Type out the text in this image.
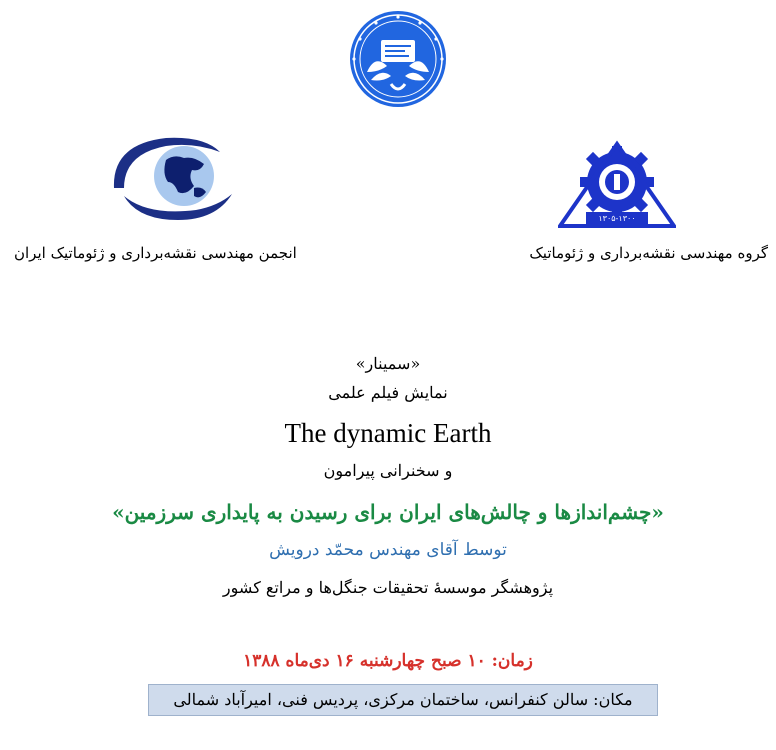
۱۳۰۵-۱۳۰۰
انجمن مهندسی نقشه‌برداری و ژئوماتیک ایران	گروه مهندسی نقشه‌برداری و ژئوماتیک
«سمینار»
نمایش فیلم علمی
The dynamic Earth
و سخنرانی پیرامون
«چشم‌اندازها و چالش‌های ایران برای رسیدن به پایداری سرزمین»
توسط آقای مهندس محمّد درویش
پژوهشگر موسسهٔ تحقیقات جنگل‌ها و مراتع کشور
زمان: ۱۰ صبح چهارشنبه ۱۶ دی‌ماه ۱۳۸۸
مکان: سالن کنفرانس، ساختمان مرکزی، پردیس فنی، امیرآباد شمالی
